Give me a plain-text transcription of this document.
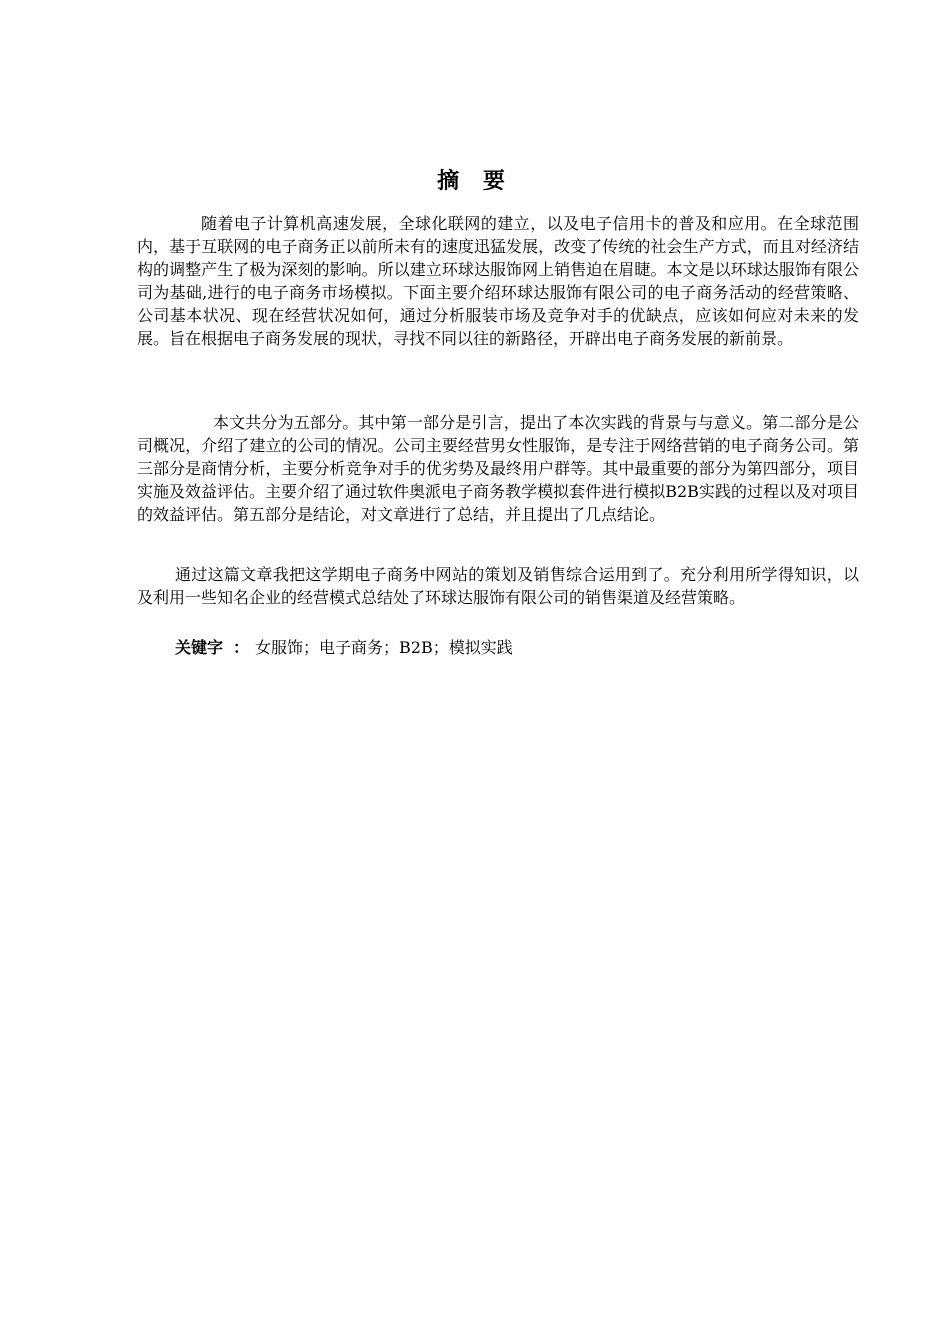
摘 要

随着电子计算机高速发展，全球化联网的建立，以及电子信用卡的普及和应用。在全球范围内，基于互联网的电子商务正以前所未有的速度迅猛发展，改变了传统的社会生产方式，而且对经济结构的调整产生了极为深刻的影响。所以建立环球达服饰网上销售迫在眉睫。本文是以环球达服饰有限公司为基础,进行的电子商务市场模拟。下面主要介绍环球达服饰有限公司的电子商务活动的经营策略、公司基本状况、现在经营状况如何，通过分析服装市场及竞争对手的优缺点，应该如何应对未来的发展。旨在根据电子商务发展的现状，寻找不同以往的新路径，开辟出电子商务发展的新前景。

本文共分为五部分。其中第一部分是引言，提出了本次实践的背景与与意义。第二部分是公司概况，介绍了建立的公司的情况。公司主要经营男女性服饰，是专注于网络营销的电子商务公司。第三部分是商情分析，主要分析竞争对手的优劣势及最终用户群等。其中最重要的部分为第四部分，项目实施及效益评估。主要介绍了通过软件奥派电子商务教学模拟套件进行模拟B2B实践的过程以及对项目的效益评估。第五部分是结论，对文章进行了总结，并且提出了几点结论。

通过这篇文章我把这学期电子商务中网站的策划及销售综合运用到了。充分利用所学得知识，以及利用一些知名企业的经营模式总结处了环球达服饰有限公司的销售渠道及经营策略。

关键字 ： 女服饰；电子商务；B2B；模拟实践
